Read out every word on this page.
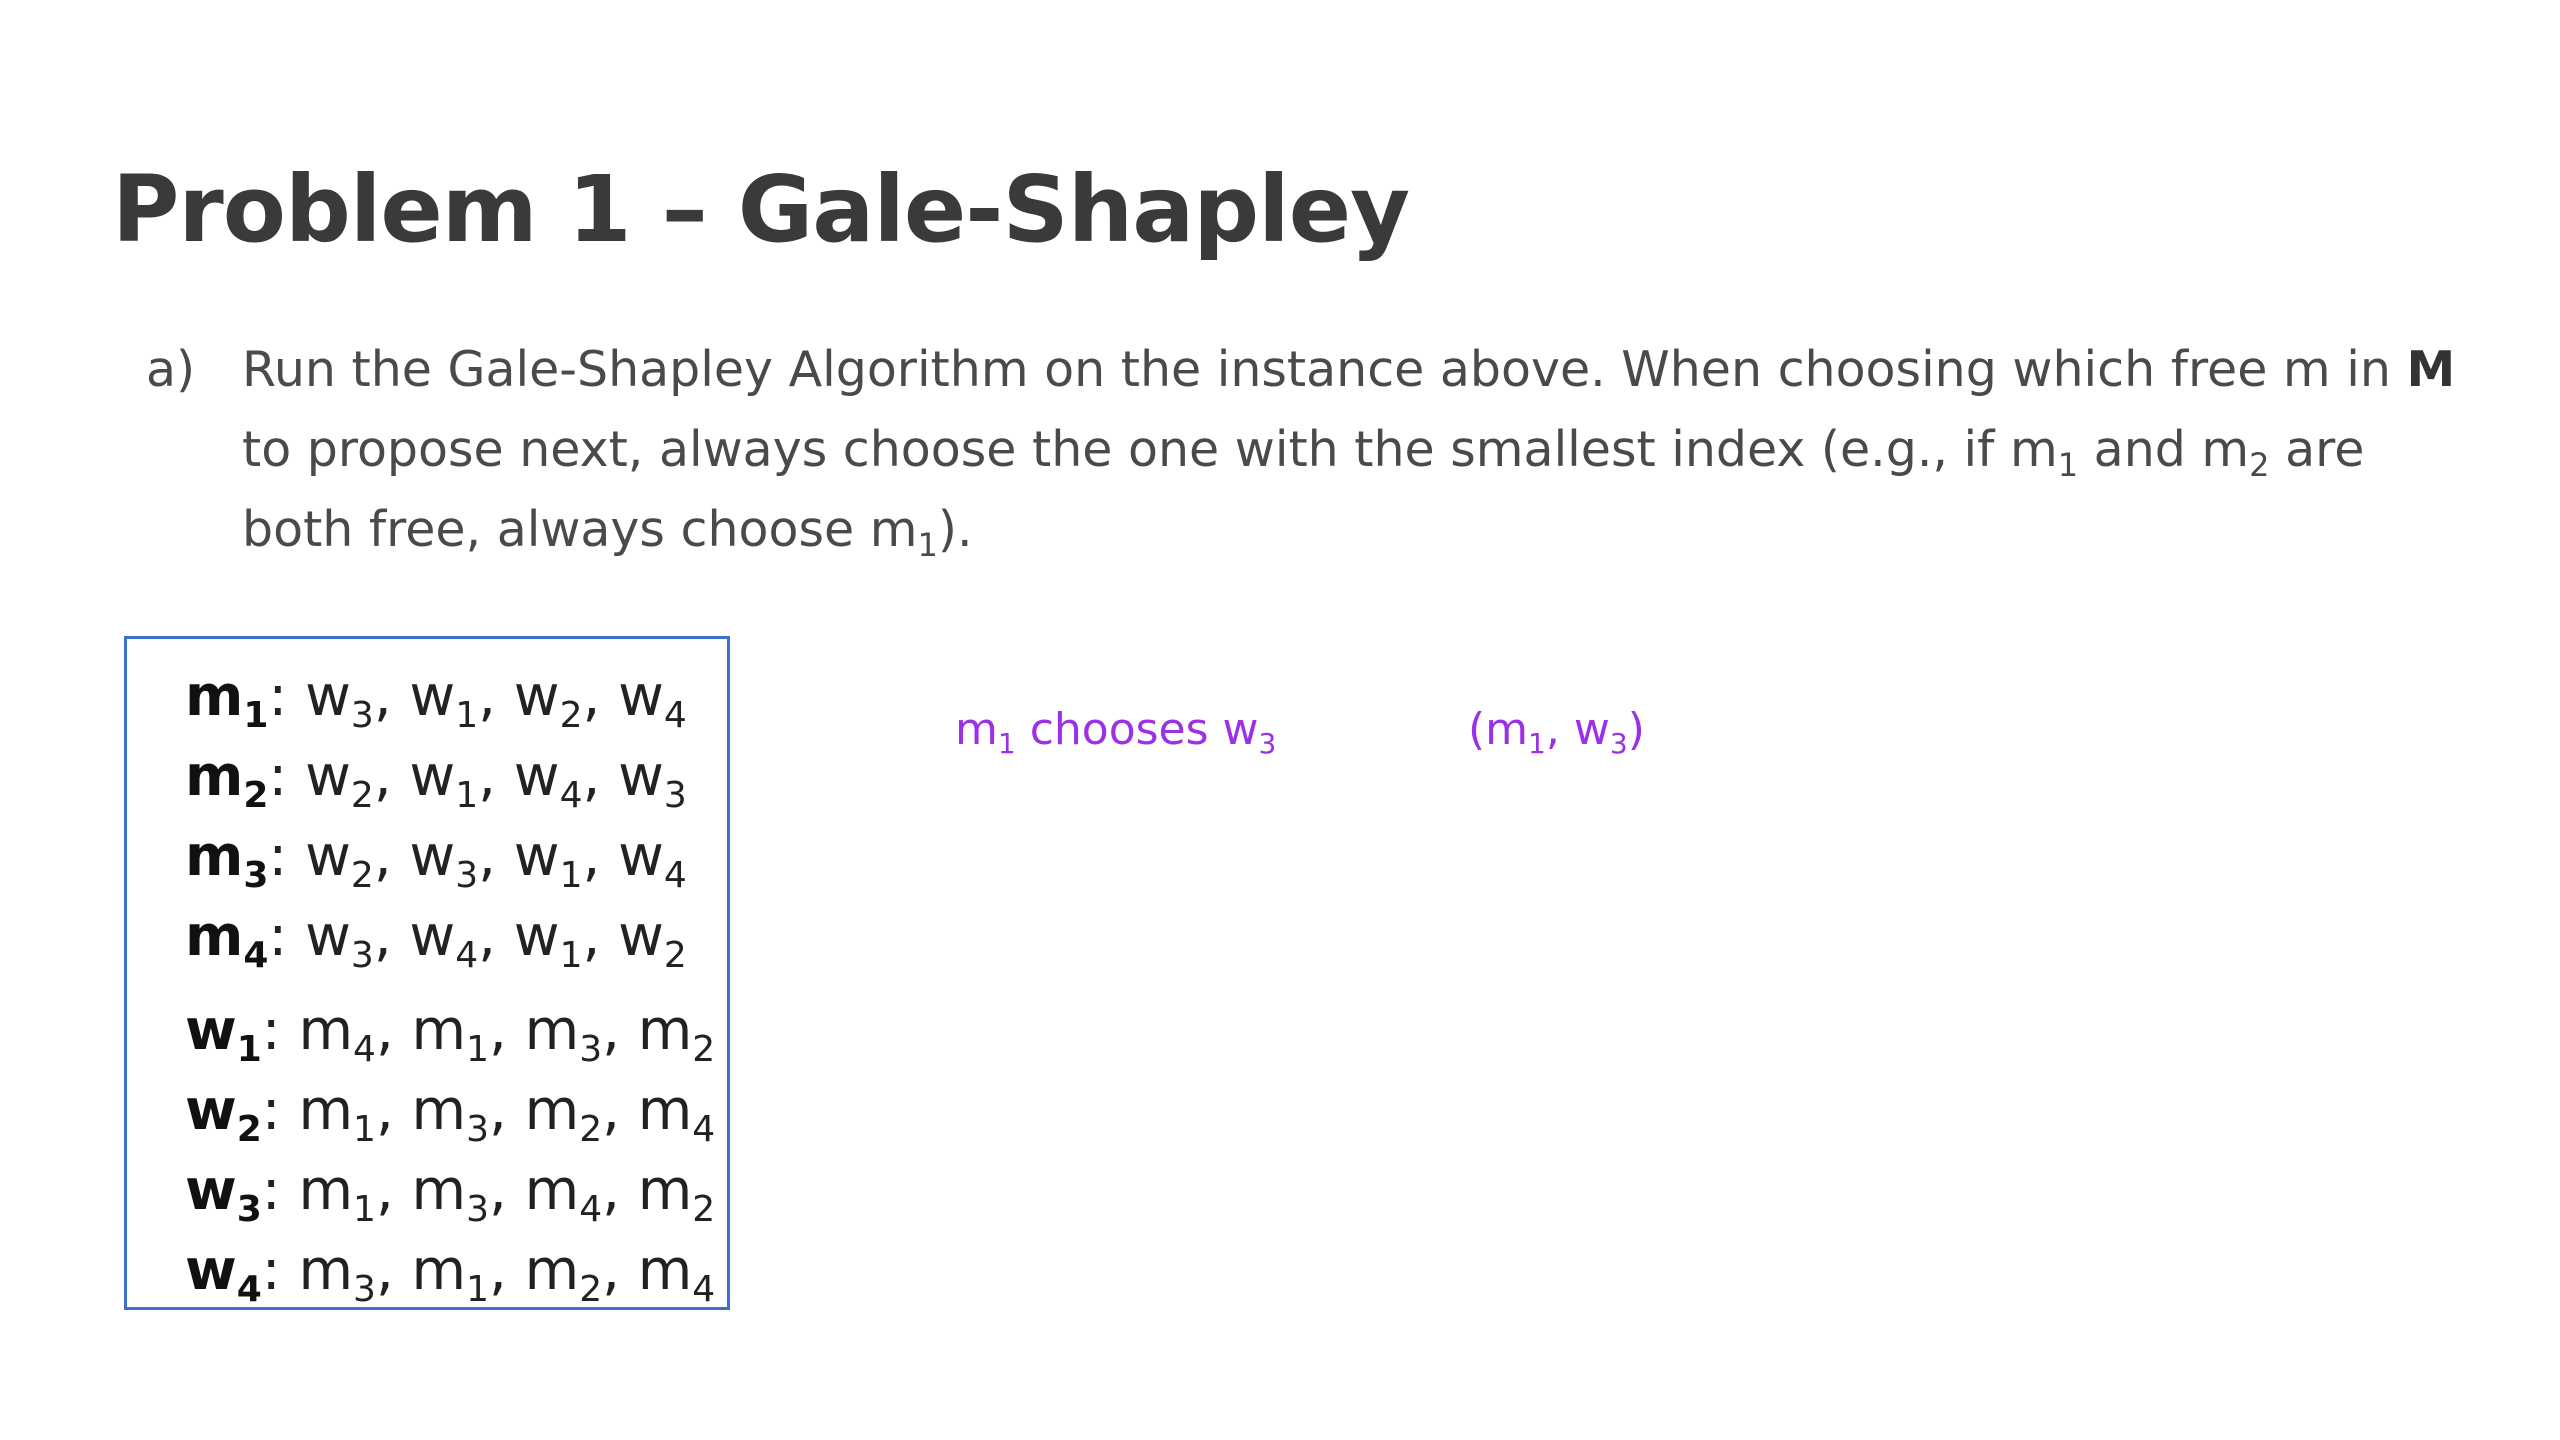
Problem 1 – Gale-Shapley
a) Run the Gale-Shapley Algorithm on the instance above. When choosing which free m in M to propose next, always choose the one with the smallest index (e.g., if $m_1$ and $m_2$ are both free, always choose $m_1$).
$m_1$: $w_3$, $w_1$, $w_2$, $w_4$
$m_2$: $w_2$, $w_1$, $w_4$, $w_3$
$m_3$: $w_2$, $w_3$, $w_1$, $w_4$
$m_4$: $w_3$, $w_4$, $w_1$, $w_2$
$w_1$: $m_4$, $m_1$, $m_3$, $m_2$
$w_2$: $m_1$, $m_3$, $m_2$, $m_4$
$w_3$: $m_1$, $m_3$, $m_4$, $m_2$
$w_4$: $m_3$, $m_1$, $m_2$, $m_4$
$m_1$ chooses $w_3$	($m_1$, $w_3$)
